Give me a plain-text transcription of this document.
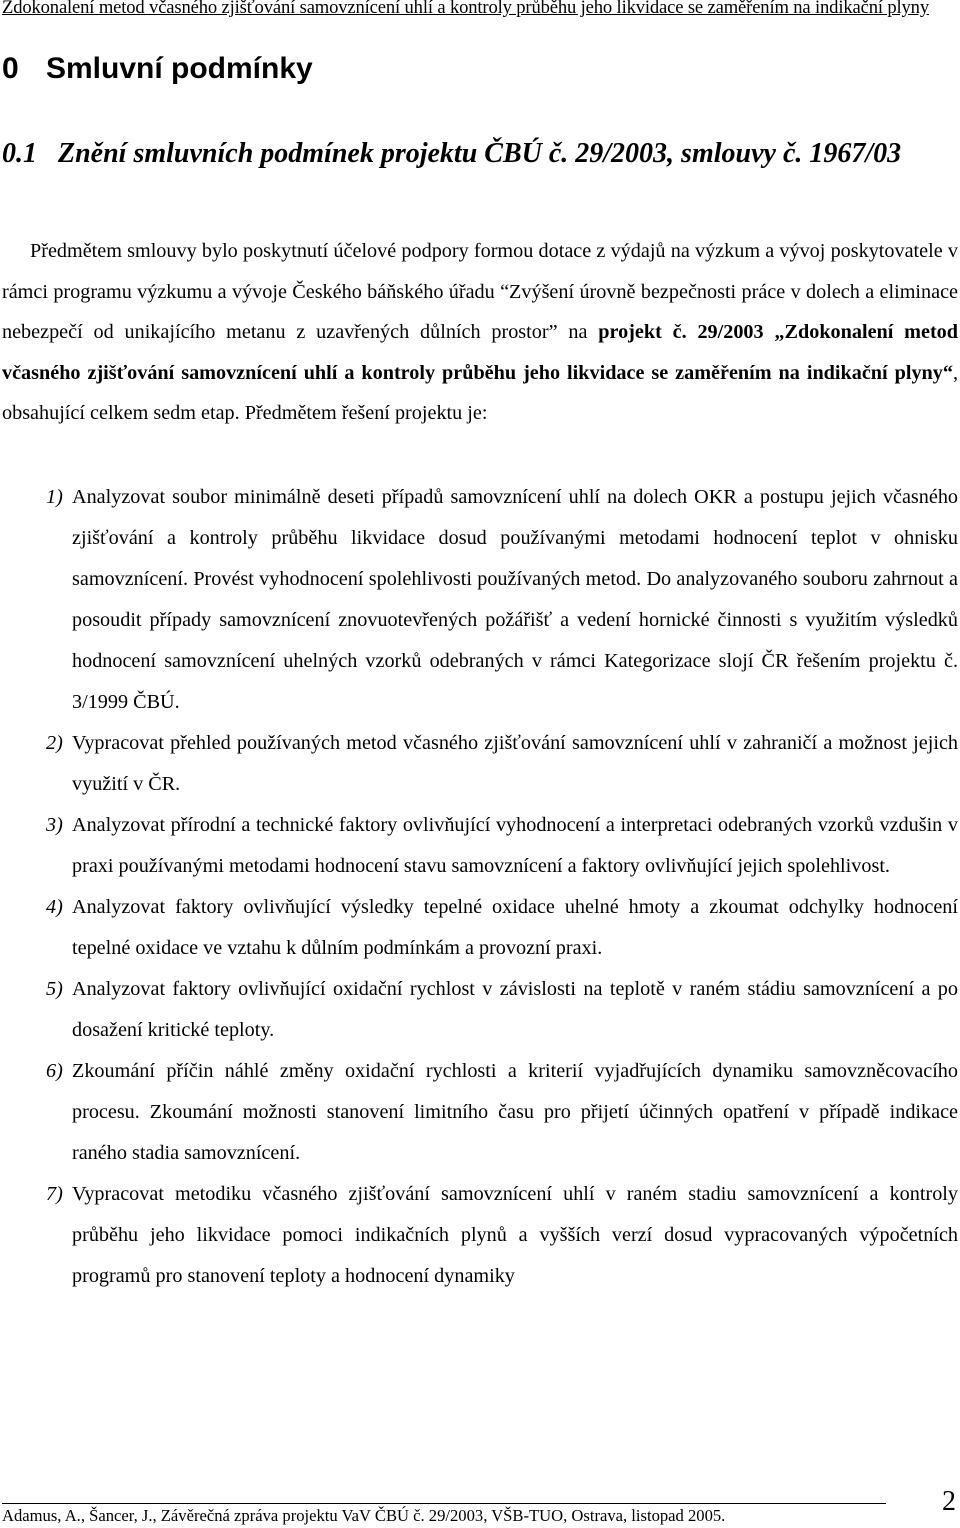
Zdokonalení metod včasného zjišťování samovznícení uhlí a kontroly průběhu jeho likvidace se zaměřením na indikační plyny
0 Smluvní podmínky
0.1 Znění smluvních podmínek projektu ČBÚ č. 29/2003, smlouvy č. 1967/03

Předmětem smlouvy bylo poskytnutí účelové podpory formou dotace z výdajů na výzkum a vývoj poskytovatele v rámci programu výzkumu a vývoje Českého báňského úřadu “Zvýšení úrovně bezpečnosti práce v dolech a eliminace nebezpečí od unikajícího metanu z uzavřených důlních prostor” na projekt č. 29/2003 „Zdokonalení metod včasného zjišťování samovznícení uhlí a kontroly průběhu jeho likvidace se zaměřením na indikační plyny“, obsahující celkem sedm etap. Předmětem řešení projektu je:

1) Analyzovat soubor minimálně deseti případů samovznícení uhlí na dolech OKR a postupu jejich včasného zjišťování a kontroly průběhu likvidace dosud používanými metodami hodnocení teplot v ohnisku samovznícení. Provést vyhodnocení spolehlivosti používaných metod. Do analyzovaného souboru zahrnout a posoudit případy samovznícení znovuotevřených požářišť a vedení hornické činnosti s využitím výsledků hodnocení samovznícení uhelných vzorků odebraných v rámci Kategorizace slojí ČR řešením projektu č. 3/1999 ČBÚ.
2) Vypracovat přehled používaných metod včasného zjišťování samovznícení uhlí v zahraničí a možnost jejich využití v ČR.
3) Analyzovat přírodní a technické faktory ovlivňující vyhodnocení a interpretaci odebraných vzorků vzdušin v praxi používanými metodami hodnocení stavu samovznícení a faktory ovlivňující jejich spolehlivost.
4) Analyzovat faktory ovlivňující výsledky tepelné oxidace uhelné hmoty a zkoumat odchylky hodnocení tepelné oxidace ve vztahu k důlním podmínkám a provozní praxi.
5) Analyzovat faktory ovlivňující oxidační rychlost v závislosti na teplotě v raném stádiu samovznícení a po dosažení kritické teploty.
6) Zkoumání příčin náhlé změny oxidační rychlosti a kriterií vyjadřujících dynamiku samovzněcovacího procesu. Zkoumání možnosti stanovení limitního času pro přijetí účinných opatření v případě indikace raného stadia samovznícení.
7) Vypracovat metodiku včasného zjišťování samovznícení uhlí v raném stadiu samovznícení a kontroly průběhu jeho likvidace pomoci indikačních plynů a vyšších verzí dosud vypracovaných výpočetních programů pro stanovení teploty a hodnocení dynamiky
Adamus, A., Šancer, J., Závěrečná zpráva projektu VaV ČBÚ č. 29/2003, VŠB-TUO, Ostrava, listopad 2005.	2
